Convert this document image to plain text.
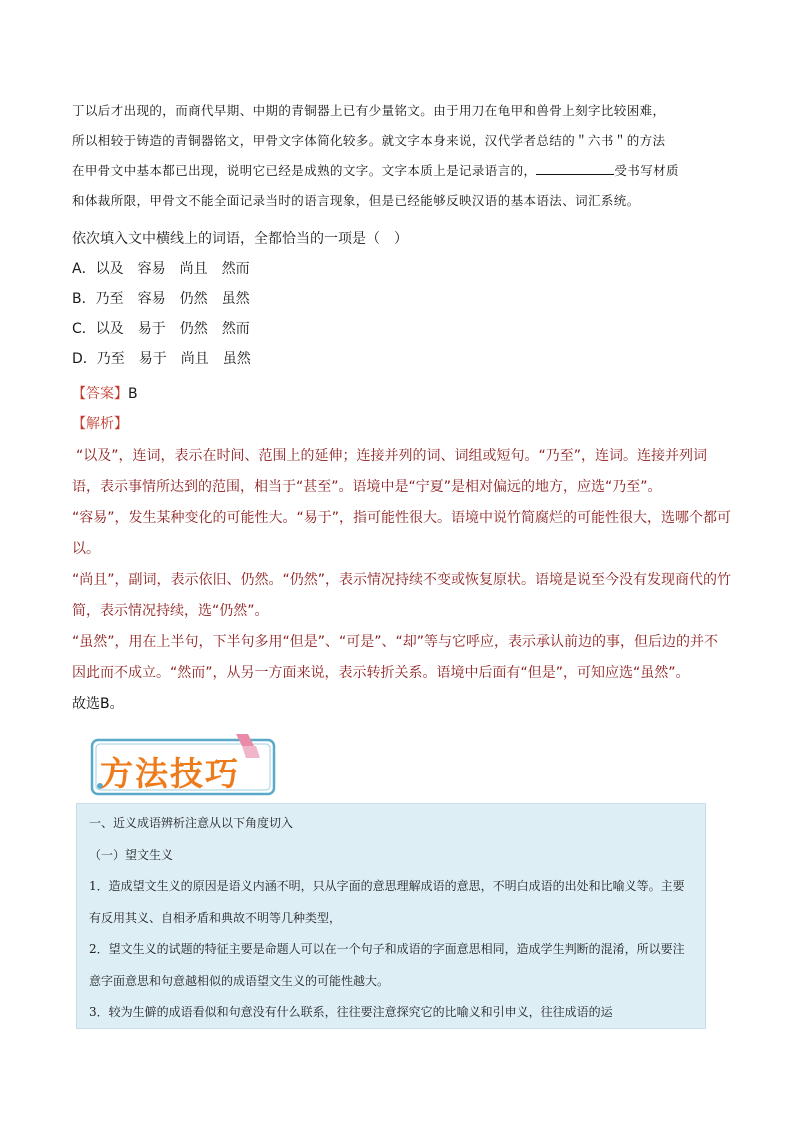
丁以后才出现的，而商代早期、中期的青铜器上已有少量铭文。由于用刀在龟甲和兽骨上刻字比较困难，

所以相较于铸造的青铜器铭文，甲骨文字体简化较多。就文字本身来说，汉代学者总结的＂六书＂的方法

在甲骨文中基本都已出现，说明它已经是成熟的文字。文字本质上是记录语言的，	受书写材质

和体裁所限，甲骨文不能全面记录当时的语言现象，但是已经能够反映汉语的基本语法、词汇系统。

依次填入文中横线上的词语，全都恰当的一项是（　）

A．以及　容易　尚且　然而

B．乃至　容易　仍然　虽然

C．以及　易于　仍然　然而

D．乃至　易于　尚且　虽然

【答案】B

【解析】

“以及”，连词，表示在时间、范围上的延伸；连接并列的词、词组或短句。“乃至”，连词。连接并列词语，表示事情所达到的范围，相当于“甚至”。语境中是“宁夏”是相对偏远的地方，应选“乃至”。

“容易”，发生某种变化的可能性大。“易于”，指可能性很大。语境中说竹简腐烂的可能性很大，选哪个都可以。

“尚且”，副词，表示依旧、仍然。“仍然”，表示情况持续不变或恢复原状。语境是说至今没有发现商代的竹简，表示情况持续，选“仍然”。

“虽然”，用在上半句，下半句多用“但是”、“可是”、“却”等与它呼应，表示承认前边的事，但后边的并不因此而不成立。“然而”，从另一方面来说，表示转折关系。语境中后面有“但是”，可知应选“虽然”。

故选B。

方法技巧

一、近义成语辨析注意从以下角度切入

（一）望文生义

1．造成望文生义的原因是语义内涵不明，只从字面的意思理解成语的意思，不明白成语的出处和比喻义等。主要有反用其义、自相矛盾和典故不明等几种类型，

2．望文生义的试题的特征主要是命题人可以在一个句子和成语的字面意思相同，造成学生判断的混淆，所以要注意字面意思和句意越相似的成语望文生义的可能性越大。

3．较为生僻的成语看似和句意没有什么联系，往往要注意探究它的比喻义和引申义，往往成语的运
